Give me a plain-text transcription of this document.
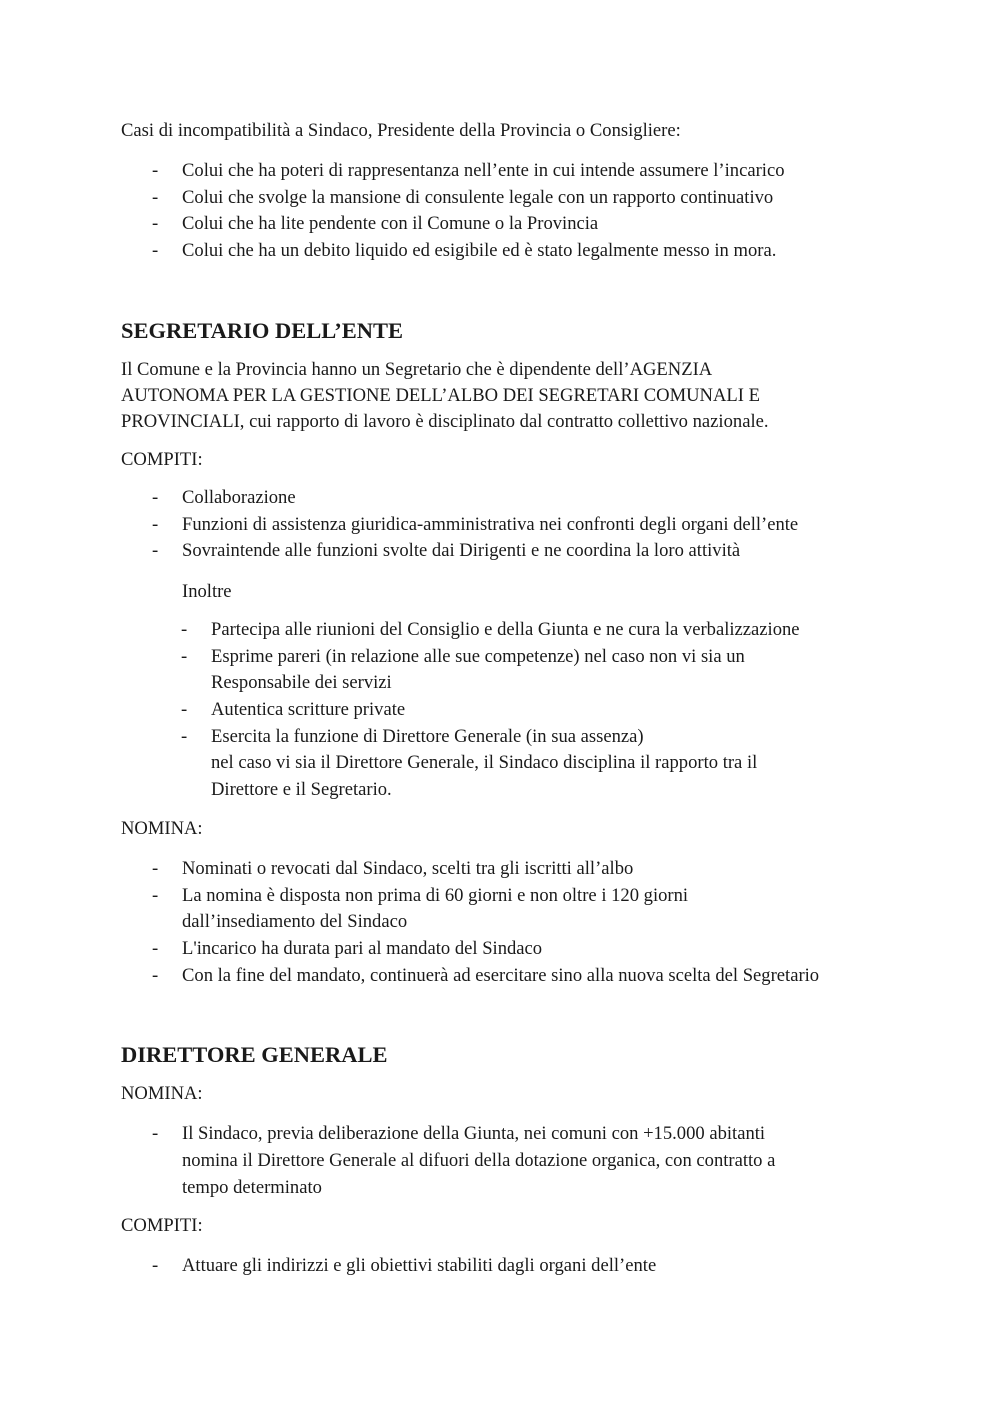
Casi di incompatibilità a Sindaco, Presidente della Provincia o Consigliere:

- Colui che ha poteri di rappresentanza nell’ente in cui intende assumere l’incarico
- Colui che svolge la mansione di consulente legale con un rapporto continuativo
- Colui che ha lite pendente con il Comune o la Provincia
- Colui che ha un debito liquido ed esigibile ed è stato legalmente messo in mora.
SEGRETARIO DELL’ENTE

Il Comune e la Provincia hanno un Segretario che è dipendente dell’AGENZIA
AUTONOMA PER LA GESTIONE DELL’ALBO DEI SEGRETARI COMUNALI E
PROVINCIALI, cui rapporto di lavoro è disciplinato dal contratto collettivo nazionale.

COMPITI:

- Collaborazione
- Funzioni di assistenza giuridica-amministrativa nei confronti degli organi dell’ente
- Sovraintende alle funzioni svolte dai Dirigenti e ne coordina la loro attività

Inoltre

- Partecipa alle riunioni del Consiglio e della Giunta e ne cura la verbalizzazione
- Esprime pareri (in relazione alle sue competenze) nel caso non vi sia un
Responsabile dei servizi
- Autentica scritture private
- Esercita la funzione di Direttore Generale (in sua assenza)
nel caso vi sia il Direttore Generale, il Sindaco disciplina il rapporto tra il
Direttore e il Segretario.

NOMINA:

- Nominati o revocati dal Sindaco, scelti tra gli iscritti all’albo
- La nomina è disposta non prima di 60 giorni e non oltre i 120 giorni
dall’insediamento del Sindaco
- L'incarico ha durata pari al mandato del Sindaco
- Con la fine del mandato, continuerà ad esercitare sino alla nuova scelta del Segretario
DIRETTORE GENERALE

NOMINA:

- Il Sindaco, previa deliberazione della Giunta, nei comuni con +15.000 abitanti
nomina il Direttore Generale al difuori della dotazione organica, con contratto a
tempo determinato

COMPITI:

- Attuare gli indirizzi e gli obiettivi stabiliti dagli organi dell’ente
